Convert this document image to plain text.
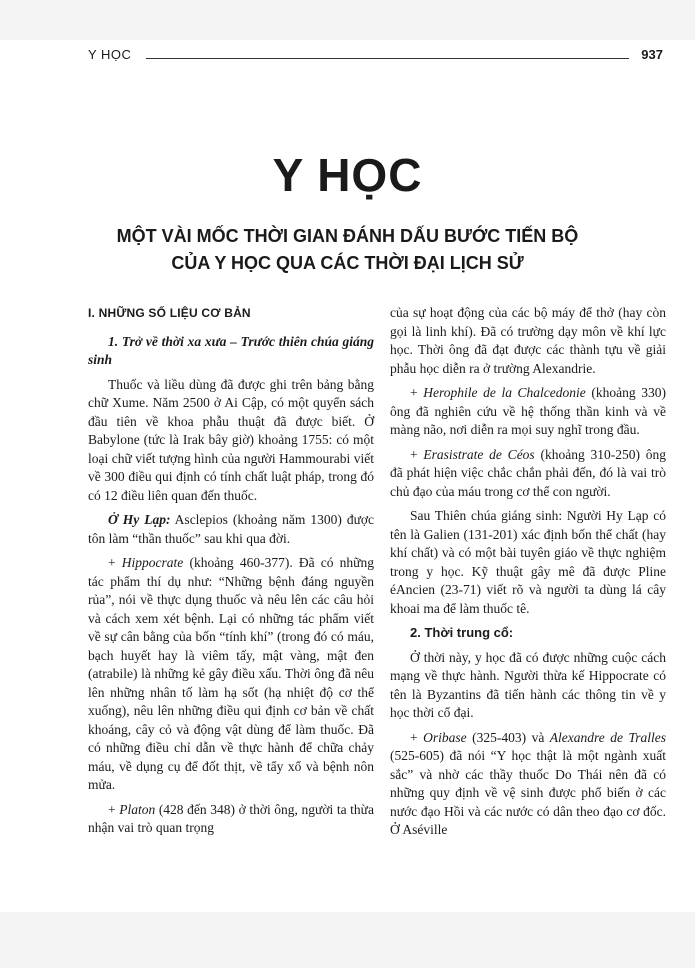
Y HỌC	937
Y HỌC
MỘT VÀI MỐC THỜI GIAN ĐÁNH DẤU BƯỚC TIẾN BỘ
CỦA Y HỌC QUA CÁC THỜI ĐẠI LỊCH SỬ
I. NHỮNG SỐ LIỆU CƠ BẢN

1. Trở về thời xa xưa – Trước thiên chúa giáng sinh

Thuốc và liều dùng đã được ghi trên bảng bằng chữ Xume. Năm 2500 ở Ai Cập, có một quyển sách đầu tiên về khoa phẫu thuật đã được biết. Ở Babylone (tức là Irak bây giờ) khoảng 1755: có một loại chữ viết tượng hình của người Hammourabi viết về 300 điều qui định có tính chất luật pháp, trong đó có 12 điều liên quan đến thuốc.

Ở Hy Lạp: Asclepios (khoảng năm 1300) được tôn làm “thần thuốc” sau khi qua đời.

+ Hippocrate (khoảng 460-377). Đã có những tác phẩm thí dụ như: “Những bệnh đáng nguyền rủa”, nói về thực dụng thuốc và nêu lên các câu hỏi và cách xem xét bệnh. Lại có những tác phẩm viết về sự cân bằng của bốn “tính khí” (trong đó có máu, bạch huyết hay là viêm tấy, mật vàng, mật đen (atrabile) là những kẻ gây điều xấu. Thời ông đã nêu lên những nhân tố làm hạ sốt (hạ nhiệt độ cơ thể xuống), nêu lên những điều qui định cơ bản về chất khoáng, cây cỏ và động vật dùng để làm thuốc. Đã có những điều chỉ dẫn về thực hành để chữa chảy máu, về dụng cụ để đốt thịt, về tẩy xổ và bệnh nôn mửa.

+ Platon (428 đến 348) ở thời ông, người ta thừa nhận vai trò quan trọng

của sự hoạt động của các bộ máy để thở (hay còn gọi là linh khí). Đã có trường dạy môn về khí lực học. Thời ông đã đạt được các thành tựu về giải phẫu học diễn ra ở trường Alexandrie.

+ Herophile de la Chalcedonie (khoảng 330) ông đã nghiên cứu về hệ thống thần kinh và về màng não, nơi diễn ra mọi suy nghĩ trong đầu.

+ Erasistrate de Céos (khoảng 310-250) ông đã phát hiện việc chắc chắn phải đến, đó là vai trò chủ đạo của máu trong cơ thể con người.

Sau Thiên chúa giáng sinh: Người Hy Lạp có tên là Galien (131-201) xác định bốn thể chất (hay khí chất) và có một bài tuyên giáo về thực nghiệm trong y học. Kỹ thuật gây mê đã được Pline éAncien (23-71) viết rõ và người ta dùng lá cây khoai ma để làm thuốc tê.

2. Thời trung cổ:

Ở thời này, y học đã có được những cuộc cách mạng về thực hành. Người thừa kế Hippocrate có tên là Byzantins đã tiến hành các thông tin về y học thời cổ đại.

+ Oribase (325-403) và Alexandre de Tralles (525-605) đã nói “Y học thật là một ngành xuất sắc” và nhờ các thầy thuốc Do Thái nên đã có những quy định về vệ sinh được phổ biến ở các nước đạo Hồi và các nước có dân theo đạo cơ đốc. Ở Aséville
